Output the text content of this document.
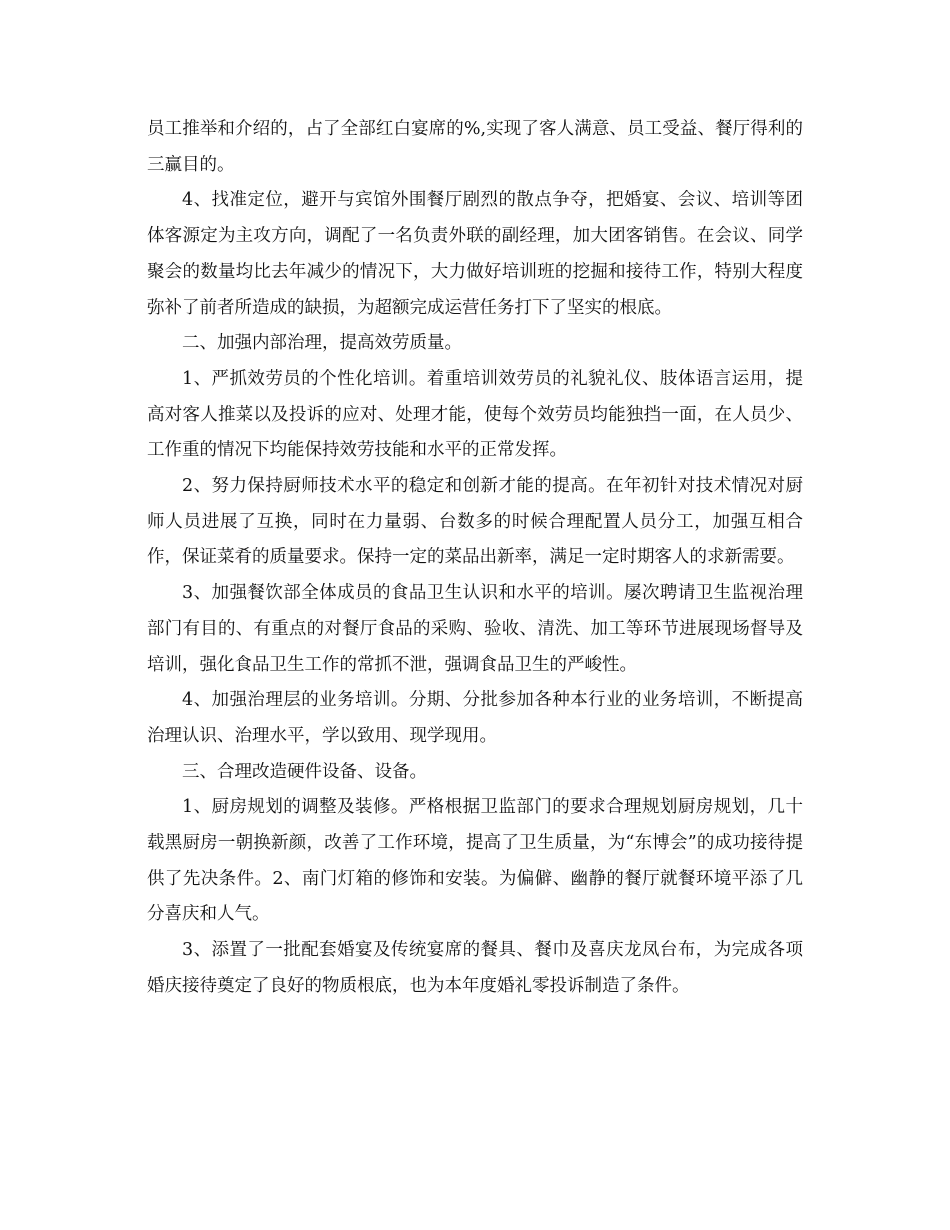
员工推举和介绍的，占了全部红白宴席的%,实现了客人满意、员工受益、餐厅得利的三赢目的。

4、找准定位，避开与宾馆外围餐厅剧烈的散点争夺，把婚宴、会议、培训等团体客源定为主攻方向，调配了一名负责外联的副经理，加大团客销售。在会议、同学聚会的数量均比去年减少的情况下，大力做好培训班的挖掘和接待工作，特别大程度弥补了前者所造成的缺损，为超额完成运营任务打下了坚实的根底。

二、加强内部治理，提高效劳质量。

1、严抓效劳员的个性化培训。着重培训效劳员的礼貌礼仪、肢体语言运用，提高对客人推菜以及投诉的应对、处理才能，使每个效劳员均能独挡一面，在人员少、工作重的情况下均能保持效劳技能和水平的正常发挥。

2、努力保持厨师技术水平的稳定和创新才能的提高。在年初针对技术情况对厨师人员进展了互换，同时在力量弱、台数多的时候合理配置人员分工，加强互相合作，保证菜肴的质量要求。保持一定的菜品出新率，满足一定时期客人的求新需要。

3、加强餐饮部全体成员的食品卫生认识和水平的培训。屡次聘请卫生监视治理部门有目的、有重点的对餐厅食品的采购、验收、清洗、加工等环节进展现场督导及培训，强化食品卫生工作的常抓不泄，强调食品卫生的严峻性。

4、加强治理层的业务培训。分期、分批参加各种本行业的业务培训，不断提高治理认识、治理水平，学以致用、现学现用。

三、合理改造硬件设备、设备。

1、厨房规划的调整及装修。严格根据卫监部门的要求合理规划厨房规划，几十载黑厨房一朝换新颜，改善了工作环境，提高了卫生质量，为“东博会”的成功接待提供了先决条件。2、南门灯箱的修饰和安装。为偏僻、幽静的餐厅就餐环境平添了几分喜庆和人气。

3、添置了一批配套婚宴及传统宴席的餐具、餐巾及喜庆龙凤台布，为完成各项婚庆接待奠定了良好的物质根底，也为本年度婚礼零投诉制造了条件。
